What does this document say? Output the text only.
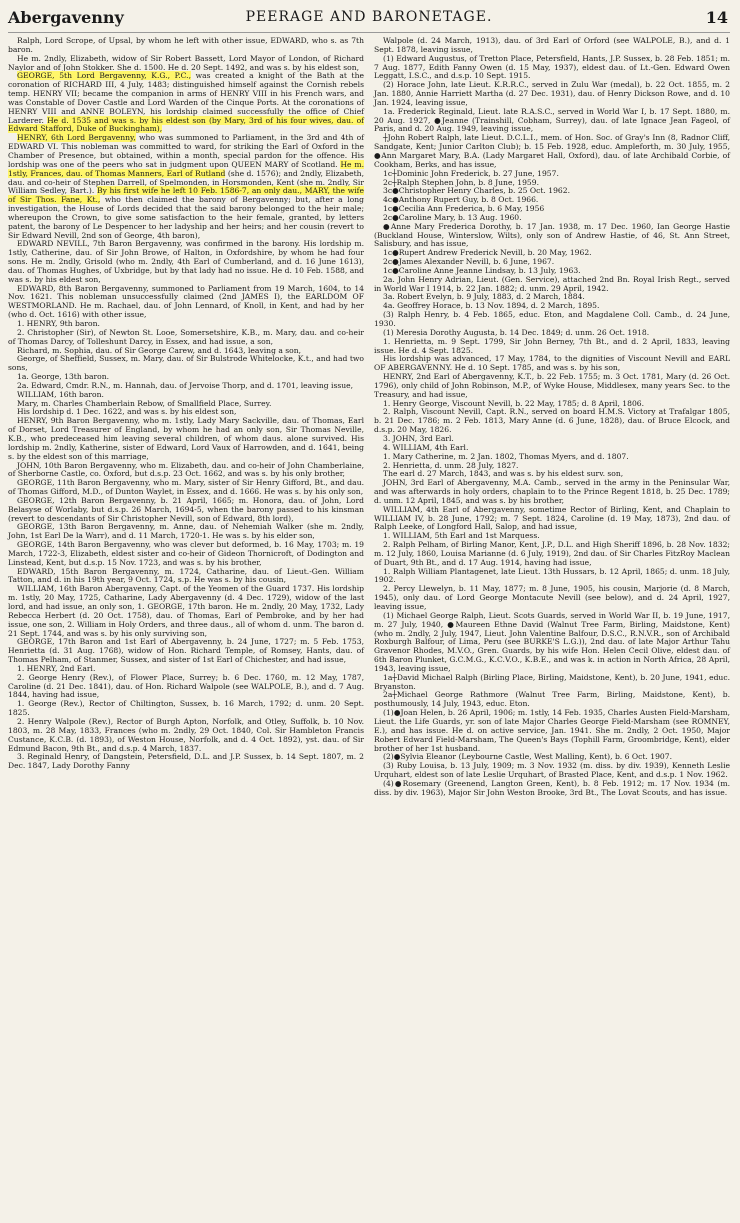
Abergavenny	PEERAGE AND BARONETAGE.	14

Ralph, Lord Scrope, of Upsal, by whom he left with other issue, EDWARD, who s. as 7th baron.

He m. 2ndly, Elizabeth, widow of Sir Robert Bassett, Lord Mayor of London, of Richard Naylor and of John Stokker. She d. 1500. He d. 20 Sept. 1492, and was s. by his eldest son,

GEORGE, 5th Lord Bergavenny, K.G., P.C., was created a knight of the Bath at the coronation of RICHARD III, 4 July, 1483; distinguished himself against the Cornish rebels temp. HENRY VII; became the companion in arms of HENRY VIII in his French wars, and was Constable of Dover Castle and Lord Warden of the Cinque Ports. At the coronations of HENRY VIII and ANNE BOLEYN, his lordship claimed successfully the office of Chief Larderer. He d. 1535 and was s. by his eldest son (by Mary, 3rd of his four wives, dau. of Edward Stafford, Duke of Buckingham),

HENRY, 6th Lord Bergavenny, who was summoned to Parliament, in the 3rd and 4th of EDWARD VI. This nobleman was committed to ward, for striking the Earl of Oxford in the Chamber of Presence, but obtained, within a month, special pardon for the offence. His lordship was one of the peers who sat in judgment upon QUEEN MARY of Scotland. He m. 1stly, Frances, dau. of Thomas Manners, Earl of Rutland (she d. 1576); and 2ndly, Elizabeth, dau. and co-heir of Stephen Darrell, of Spelmonden, in Horsmonden, Kent (she m. 2ndly, Sir William Sedley, Bart.). By his first wife he left 10 Feb. 1586-7, an only dau., MARY, the wife of Sir Thos. Fane, Kt., who then claimed the barony of Bergavenny; but, after a long investigation, the House of Lords decided that the said barony belonged to the heir male; whereupon the Crown, to give some satisfaction to the heir female, granted, by letters patent, the barony of Le Despencer to her ladyship and her heirs; and her cousin (revert to Sir Edward Nevill, 2nd son of George, 4th baron),

EDWARD NEVILL, 7th Baron Bergavenny, was confirmed in the barony. His lordship m. 1stly, Catherine, dau. of Sir John Browe, of Halton, in Oxfordshire, by whom he had four sons. He m. 2ndly, Grisold (who m. 2ndly, 4th Earl of Cumberland, and d. 16 June 1613), dau. of Thomas Hughes, of Uxbridge, but by that lady had no issue. He d. 10 Feb. 1588, and was s. by his eldest son,

EDWARD, 8th Baron Bergavenny, summoned to Parliament from 19 March, 1604, to 14 Nov. 1621. This nobleman unsuccessfully claimed (2nd JAMES I), the EARLDOM OF WESTMORLAND. He m. Rachael, dau. of John Lennard, of Knoll, in Kent, and had by her (who d. Oct. 1616) with other issue,

1. HENRY, 9th baron.

2. Christopher (Sir), of Newton St. Looe, Somersetshire, K.B., m. Mary, dau. and co-heir of Thomas Darcy, of Tolleshunt Darcy, in Essex, and had issue, a son,

Richard, m. Sophia, dau. of Sir George Carew, and d. 1643, leaving a son,

George, of Sheffield, Sussex, m. Mary, dau. of Sir Bulstrode Whitelocke, K.t., and had two sons,

1a. George, 13th baron.

2a. Edward, Cmdr. R.N., m. Hannah, dau. of Jervoise Thorp, and d. 1701, leaving issue,

WILLIAM, 16th baron.

Mary, m. Charles Chamberlain Rebow, of Smallfield Place, Surrey.

His lordship d. 1 Dec. 1622, and was s. by his eldest son,

HENRY, 9th Baron Bergavenny, who m. 1stly, Lady Mary Sackville, dau. of Thomas, Earl of Dorset, Lord Treasurer of England, by whom he had an only son, Sir Thomas Neville, K.B., who predeceased him leaving several children, of whom daus. alone survived. His lordship m. 2ndly, Katherine, sister of Edward, Lord Vaux of Harrowden, and d. 1641, being s. by the eldest son of this marriage,

JOHN, 10th Baron Bergavenny, who m. Elizabeth, dau. and co-heir of John Chamberlaine, of Sherborne Castle, co. Oxford, but d.s.p. 23 Oct. 1662, and was s. by his only brother,

GEORGE, 11th Baron Bergavenny, who m. Mary, sister of Sir Henry Gifford, Bt., and dau. of Thomas Gifford, M.D., of Dunton Waylet, in Essex, and d. 1666. He was s. by his only son,

GEORGE, 12th Baron Bergavenny, b. 21 April, 1665; m. Honora, dau. of John, Lord Belasyse of Worlaby, but d.s.p. 26 March, 1694-5, when the barony passed to his kinsman (revert to descendants of Sir Christopher Nevill, son of Edward, 8th lord),

GEORGE, 13th Baron Bergavenny, m. Anne, dau. of Nehemiah Walker (she m. 2ndly, John, 1st Earl De la Warr), and d. 11 March, 1720-1. He was s. by his elder son,

GEORGE, 14th Baron Bergavenny, who was clever but deformed, b. 16 May, 1703; m. 19 March, 1722-3, Elizabeth, eldest sister and co-heir of Gideon Thornicroft, of Dodington and Linstead, Kent, but d.s.p. 15 Nov. 1723, and was s. by his brother,

EDWARD, 15th Baron Bergavenny, m. 1724, Catharine, dau. of Lieut.-Gen. William Tatton, and d. in his 19th year, 9 Oct. 1724, s.p. He was s. by his cousin,

WILLIAM, 16th Baron Abergavenny, Capt. of the Yeomen of the Guard 1737. His lordship m. 1stly, 20 May, 1725, Catharine, Lady Abergavenny (d. 4 Dec. 1729), widow of the last lord, and had issue, an only son, 1. GEORGE, 17th baron. He m. 2ndly, 20 May, 1732, Lady Rebecca Herbert (d. 20 Oct. 1758), dau. of Thomas, Earl of Pembroke, and by her had issue, one son, 2. William in Holy Orders, and three daus., all of whom d. unm. The baron d. 21 Sept. 1744, and was s. by his only surviving son,

GEORGE, 17th Baron and 1st Earl of Abergavenny, b. 24 June, 1727; m. 5 Feb. 1753, Henrietta (d. 31 Aug. 1768), widow of Hon. Richard Temple, of Romsey, Hants, dau. of Thomas Pelham, of Stanmer, Sussex, and sister of 1st Earl of Chichester, and had issue,

1. HENRY, 2nd Earl.

2. George Henry (Rev.), of Flower Place, Surrey; b. 6 Dec. 1760, m. 12 May, 1787, Caroline (d. 21 Dec. 1841), dau. of Hon. Richard Walpole (see WALPOLE, B.), and d. 7 Aug. 1844, having had issue,

1. George (Rev.), Rector of Chiltington, Sussex, b. 16 March, 1792; d. unm. 20 Sept. 1825.

2. Henry Walpole (Rev.), Rector of Burgh Apton, Norfolk, and Otley, Suffolk, b. 10 Nov. 1803, m. 28 May, 1833, Frances (who m. 2ndly, 29 Oct. 1840, Col. Sir Hambleton Francis Custance, K.C.B. (d. 1893), of Weston House, Norfolk, and d. 4 Oct. 1892), yst. dau. of Sir Edmund Bacon, 9th Bt., and d.s.p. 4 March, 1837.

3. Reginald Henry, of Dangstein, Petersfield, D.L. and J.P. Sussex, b. 14 Sept. 1807, m. 2 Dec. 1847, Lady Dorothy Fanny

Walpole (d. 24 March, 1913), dau. of 3rd Earl of Orford (see WALPOLE, B.), and d. 1 Sept. 1878, leaving issue,

(1) Edward Augustus, of Tretton Place, Petersfield, Hants, J.P. Sussex, b. 28 Feb. 1851; m. 7 Aug. 1877, Edith Fanny Owen (d. 15 May, 1937), eldest dau. of Lt.-Gen. Edward Owen Leggatt, I.S.C., and d.s.p. 10 Sept. 1915.

(2) Horace John, late Lieut. K.R.R.C., served in Zulu War (medal), b. 22 Oct. 1855, m. 2 Jan. 1880, Annie Harriett Martha (d. 27 Dec. 1931), dau. of Henry Dickson Rowe, and d. 10 Jan. 1924, leaving issue,

1a. Frederick Reginald, Lieut. late R.A.S.C., served in World War I, b. 17 Sept. 1880, m. 20 Aug. 1927, ●Jeanne (Trainshill, Cobham, Surrey), dau. of late Ignace Jean Fageol, of Paris, and d. 20 Aug. 1949, leaving issue,

┼John Robert Ralph, late Lieut. D.C.L.I., mem. of Hon. Soc. of Gray's Inn (8, Radnor Cliff, Sandgate, Kent; Junior Carlton Club); b. 15 Feb. 1928, educ. Ampleforth, m. 30 July, 1955, ●Ann Margaret Mary, B.A. (Lady Margaret Hall, Oxford), dau. of late Archibald Corbie, of Cookham, Berks, and has issue,

1c┼Dominic John Frederick, b. 27 June, 1957.

2c┼Ralph Stephen John, b. 8 June, 1959.

3c●Christopher Henry Charles, b. 25 Oct. 1962.

4c●Anthony Rupert Guy, b. 8 Oct. 1966.

1c●Cecilia Ann Frederica, b. 6 May, 1956

2c●Caroline Mary, b. 13 Aug. 1960.

●Anne Mary Frederica Dorothy, b. 17 Jan. 1938, m. 17 Dec. 1960, Ian George Hastie (Buckland House, Winterslow, Wilts), only son of Andrew Hastie, of 46, St. Ann Street, Salisbury, and has issue,

1c●Rupert Andrew Frederick Nevill, b. 20 May, 1962.

2c●James Alexander Nevill, b. 6 June, 1967.

1c●Caroline Anne Jeanne Lindsay, b. 13 July, 1963.

2a. John Henry Adrian, Lieut. (Gen. Service), attached 2nd Bn. Royal Irish Regt., served in World War I 1914, b. 22 Jan. 1882; d. unm. 29 April, 1942.

3a. Robert Evelyn, b. 9 July, 1883, d. 2 March, 1884.

4a. Geoffrey Horace, b. 13 Nov. 1894, d. 2 March, 1895.

(3) Ralph Henry, b. 4 Feb. 1865, educ. Eton, and Magdalene Coll. Camb., d. 24 June, 1930.

(1) Meresia Dorothy Augusta, b. 14 Dec. 1849; d. unm. 26 Oct. 1918.

1. Henrietta, m. 9 Sept. 1799, Sir John Berney, 7th Bt., and d. 2 April, 1833, leaving issue. He d. 4 Sept. 1825.

His lordship was advanced, 17 May, 1784, to the dignities of Viscount Nevill and EARL OF ABERGAVENNY. He d. 10 Sept. 1785, and was s. by his son,

HENRY, 2nd Earl of Abergavenny, K.T., b. 22 Feb. 1755; m. 3 Oct. 1781, Mary (d. 26 Oct. 1796), only child of John Robinson, M.P., of Wyke House, Middlesex, many years Sec. to the Treasury, and had issue,

1. Henry George, Viscount Nevill, b. 22 May, 1785; d. 8 April, 1806.

2. Ralph, Viscount Nevill, Capt. R.N., served on board H.M.S. Victory at Trafalgar 1805, b. 21 Dec. 1786; m. 2 Feb. 1813, Mary Anne (d. 6 June, 1828), dau. of Bruce Elcock, and d.s.p. 20 May, 1826.

3. JOHN, 3rd Earl.

4. WILLIAM, 4th Earl.

1. Mary Catherine, m. 2 Jan. 1802, Thomas Myers, and d. 1807.

2. Henrietta, d. unm. 28 July, 1827.

The earl d. 27 March, 1843, and was s. by his eldest surv. son,

JOHN, 3rd Earl of Abergavenny, M.A. Camb., served in the army in the Peninsular War, and was afterwards in holy orders, chaplain to to the Prince Regent 1818, b. 25 Dec. 1789; d. unm. 12 April, 1845, and was s. by his brother,

WILLIAM, 4th Earl of Abergavenny, sometime Rector of Birling, Kent, and Chaplain to WILLIAM IV, b. 28 June, 1792; m. 7 Sept. 1824, Caroline (d. 19 May, 1873), 2nd dau. of Ralph Leeke, of Longford Hall, Salop, and had issue,

1. WILLIAM, 5th Earl and 1st Marquess.

2. Ralph Pelham, of Birling Manor, Kent, J.P., D.L. and High Sheriff 1896, b. 28 Nov. 1832; m. 12 July, 1860, Louisa Marianne (d. 6 July, 1919), 2nd dau. of Sir Charles FitzRoy Maclean of Duart, 9th Bt., and d. 17 Aug. 1914, having had issue,

1. Ralph William Plantagenet, late Lieut. 13th Hussars, b. 12 April, 1865; d. unm. 18 July, 1902.

2. Percy Llewelyn, b. 11 May, 1877; m. 8 June, 1905, his cousin, Marjorie (d. 8 March, 1945), only dau. of Lord George Montacute Nevill (see below), and d. 24 April, 1927, leaving issue,

(1) Michael George Ralph, Lieut. Scots Guards, served in World War II, b. 19 June, 1917, m. 27 July, 1940, ●Maureen Ethne David (Walnut Tree Farm, Birling, Maidstone, Kent) (who m. 2ndly, 2 July, 1947, Lieut. John Valentine Balfour, D.S.C., R.N.V.R., son of Archibald Roxburgh Balfour, of Lima, Peru (see BURKE'S L.G.)), 2nd dau. of late Major Arthur Tahu Gravenor Rhodes, M.V.O., Gren. Guards, by his wife Hon. Helen Cecil Olive, eldest dau. of 6th Baron Plunket, G.C.M.G., K.C.V.O., K.B.E., and was k. in action in North Africa, 28 April, 1943, leaving issue,

1a┼David Michael Ralph (Birling Place, Birling, Maidstone, Kent), b. 20 June, 1941, educ. Bryanston.

2a┼Michael George Rathmore (Walnut Tree Farm, Birling, Maidstone, Kent), b. posthumously, 14 July, 1943, educ. Eton.

(1)●Joan Helen, b. 26 April, 1906; m. 1stly, 14 Feb. 1935, Charles Austen Field-Marsham, Lieut. the Life Guards, yr. son of late Major Charles George Field-Marsham (see ROMNEY, E.), and has issue. He d. on active service, Jan. 1941. She m. 2ndly, 2 Oct. 1950, Major Robert Edward Field-Marsham, The Queen's Bays (Tophill Farm, Groombridge, Kent), elder brother of her 1st husband.

(2)●Sylvia Eleanor (Leybourne Castle, West Malling, Kent), b. 6 Oct. 1907.

(3) Ruby Louisa, b. 13 July, 1909; m. 3 Nov. 1932 (m. diss. by div. 1939), Kenneth Leslie Urquhart, eldest son of late Leslie Urquhart, of Brasted Place, Kent, and d.s.p. 1 Nov. 1962.

(4)●Rosemary (Greenend, Langton Green, Kent), b. 8 Feb. 1912; m. 17 Nov. 1934 (m. diss. by div. 1963), Major Sir John Weston Brooke, 3rd Bt., The Lovat Scouts, and has issue.
